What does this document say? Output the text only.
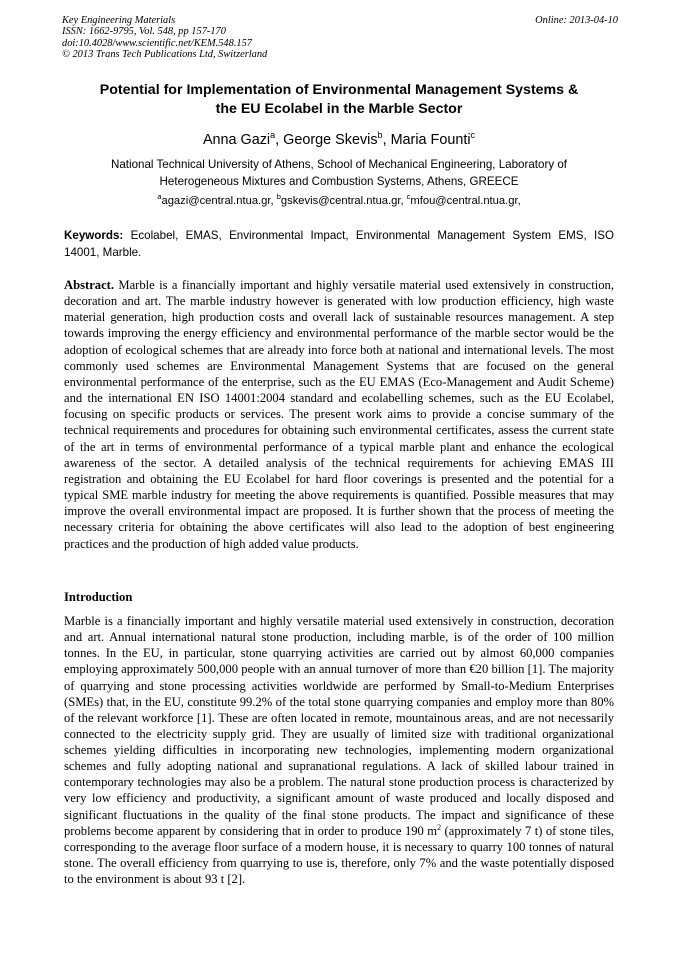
Key Engineering Materials
ISSN: 1662-9795, Vol. 548, pp 157-170
doi:10.4028/www.scientific.net/KEM.548.157
© 2013 Trans Tech Publications Ltd, Switzerland
Online: 2013-04-10
Potential for Implementation of Environmental Management Systems &
the EU Ecolabel in the Marble Sector
Anna Gazi$^a$, George Skevis$^b$, Maria Founti$^c$
National Technical University of Athens, School of Mechanical Engineering, Laboratory of
Heterogeneous Mixtures and Combustion Systems, Athens, GREECE
$^a$agazi@central.ntua.gr, $^b$gskevis@central.ntua.gr, $^c$mfou@central.ntua.gr,
Keywords: Ecolabel, EMAS, Environmental Impact, Environmental Management System EMS, ISO 14001, Marble.
Abstract. Marble is a financially important and highly versatile material used extensively in construction, decoration and art. The marble industry however is generated with low production efficiency, high waste material generation, high production costs and overall lack of sustainable resources management. A step towards improving the energy efficiency and environmental performance of the marble sector would be the adoption of ecological schemes that are already into force both at national and international levels. The most commonly used schemes are Environmental Management Systems that are focused on the general environmental performance of the enterprise, such as the EU EMAS (Eco-Management and Audit Scheme) and the international EN ISO 14001:2004 standard and ecolabelling schemes, such as the EU Ecolabel, focusing on specific products or services. The present work aims to provide a concise summary of the technical requirements and procedures for obtaining such environmental certificates, assess the current state of the art in terms of environmental performance of a typical marble plant and enhance the ecological awareness of the sector. A detailed analysis of the technical requirements for achieving EMAS III registration and obtaining the EU Ecolabel for hard floor coverings is presented and the potential for a typical SME marble industry for meeting the above requirements is quantified. Possible measures that may improve the overall environmental impact are proposed. It is further shown that the process of meeting the necessary criteria for obtaining the above certificates will also lead to the adoption of best engineering practices and the production of high added value products.
Introduction
Marble is a financially important and highly versatile material used extensively in construction, decoration and art. Annual international natural stone production, including marble, is of the order of 100 million tonnes. In the EU, in particular, stone quarrying activities are carried out by almost 60,000 companies employing approximately 500,000 people with an annual turnover of more than €20 billion [1]. The majority of quarrying and stone processing activities worldwide are performed by Small-to-Medium Enterprises (SMEs) that, in the EU, constitute 99.2% of the total stone quarrying companies and employ more than 80% of the relevant workforce [1]. These are often located in remote, mountainous areas, and are not necessarily connected to the electricity supply grid. They are usually of limited size with traditional organizational schemes yielding difficulties in incorporating new technologies, implementing modern organizational schemes and fully adopting national and supranational regulations. A lack of skilled labour trained in contemporary technologies may also be a problem. The natural stone production process is characterized by very low efficiency and productivity, a significant amount of waste produced and locally disposed and significant fluctuations in the quality of the final stone products. The impact and significance of these problems become apparent by considering that in order to produce 190 $m^2$ (approximately 7 t) of stone tiles, corresponding to the average floor surface of a modern house, it is necessary to quarry 100 tonnes of natural stone. The overall efficiency from quarrying to use is, therefore, only 7% and the waste potentially disposed to the environment is about 93 t [2].
